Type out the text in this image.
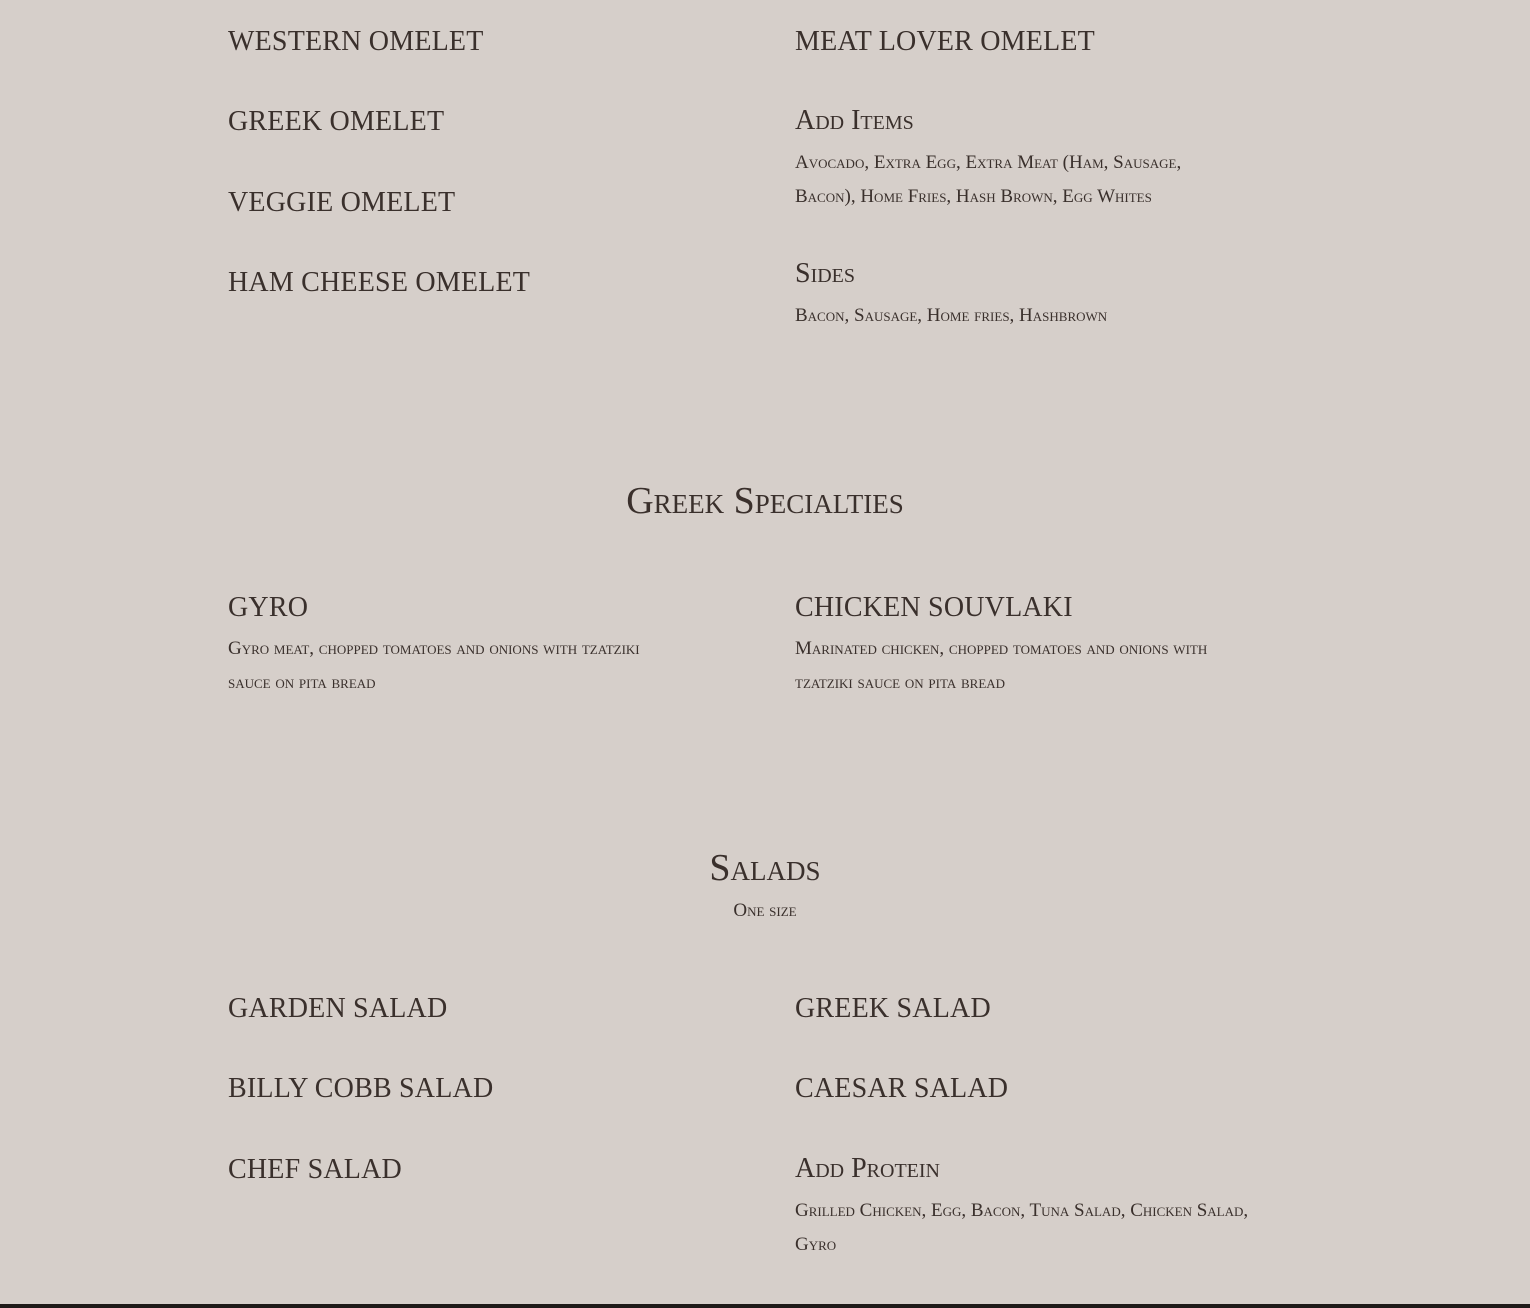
WESTERN OMELET	MEAT LOVER OMELET
GREEK OMELET	Add Items
Avocado, Extra Egg, Extra Meat (Ham, Sausage, Bacon), Home Fries, Hash Brown, Egg Whites
VEGGIE OMELET
HAM CHEESE OMELET	Sides
Bacon, Sausage, Home fries, Hashbrown
Greek Specialties
GYRO
Gyro meat, chopped tomatoes and onions with tzatziki sauce on pita bread
CHICKEN SOUVLAKI
Marinated chicken, chopped tomatoes and onions with tzatziki sauce on pita bread
Salads
One size
GARDEN SALAD	GREEK SALAD
BILLY COBB SALAD	CAESAR SALAD
CHEF SALAD	Add Protein
Grilled Chicken, Egg, Bacon, Tuna Salad, Chicken Salad, Gyro
